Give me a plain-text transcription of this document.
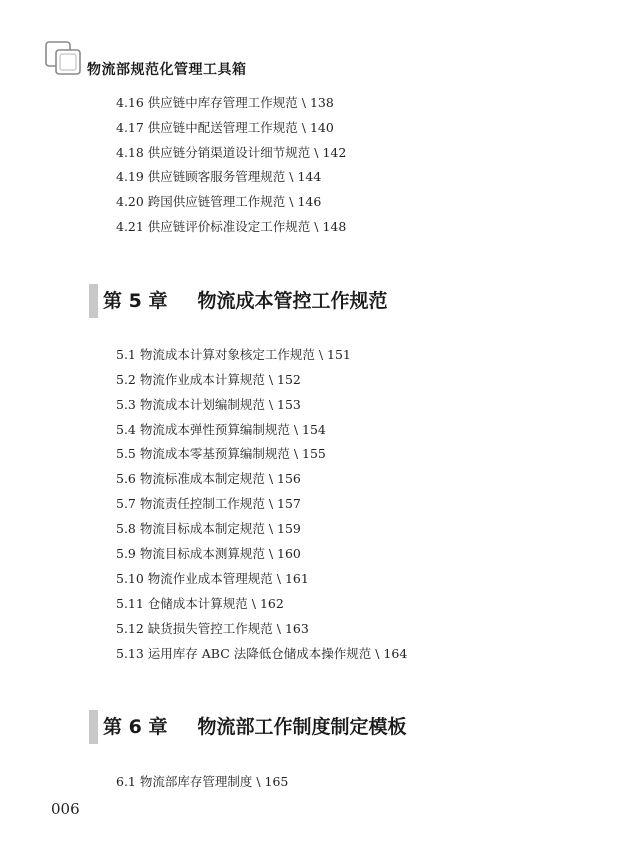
物流部规范化管理工具箱
4.16 供应链中库存管理工作规范 \ 138
4.17 供应链中配送管理工作规范 \ 140
4.18 供应链分销渠道设计细节规范 \ 142
4.19 供应链顾客服务管理规范 \ 144
4.20 跨国供应链管理工作规范 \ 146
4.21 供应链评价标准设定工作规范 \ 148
第 5 章 物流成本管控工作规范
5.1 物流成本计算对象核定工作规范 \ 151
5.2 物流作业成本计算规范 \ 152
5.3 物流成本计划编制规范 \ 153
5.4 物流成本弹性预算编制规范 \ 154
5.5 物流成本零基预算编制规范 \ 155
5.6 物流标准成本制定规范 \ 156
5.7 物流责任控制工作规范 \ 157
5.8 物流目标成本制定规范 \ 159
5.9 物流目标成本测算规范 \ 160
5.10 物流作业成本管理规范 \ 161
5.11 仓储成本计算规范 \ 162
5.12 缺货损失管控工作规范 \ 163
5.13 运用库存 ABC 法降低仓储成本操作规范 \ 164
第 6 章 物流部工作制度制定模板
6.1 物流部库存管理制度 \ 165
006
